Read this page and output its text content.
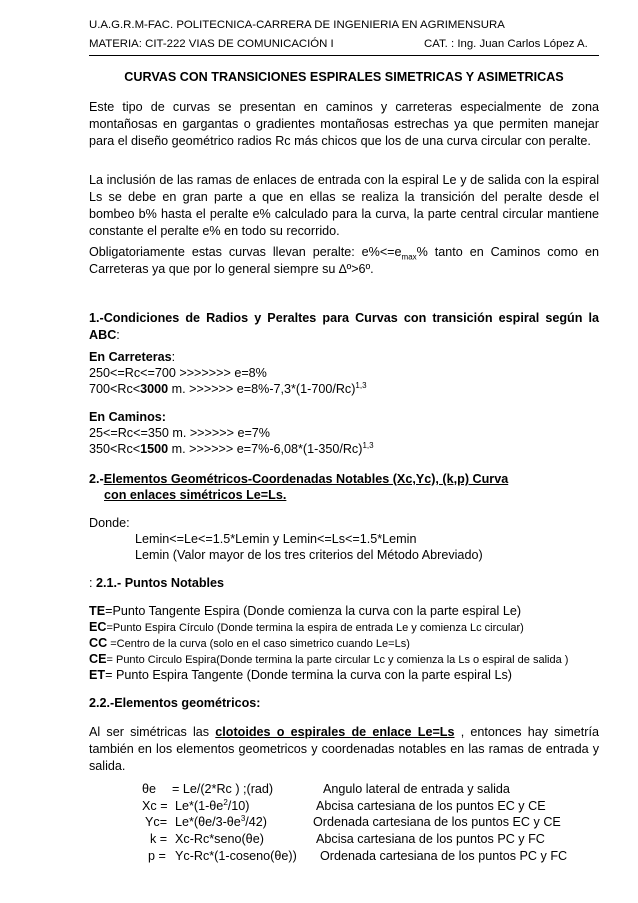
U.A.G.R.M-FAC. POLITECNICA-CARRERA DE INGENIERIA EN AGRIMENSURA
MATERIA: CIT-222 VIAS DE COMUNICACIÓN I	CAT. : Ing. Juan Carlos López A.
CURVAS CON TRANSICIONES ESPIRALES SIMETRICAS Y ASIMETRICAS
Este tipo de curvas se presentan en caminos y carreteras especialmente de zona montañosas en gargantas o gradientes montañosas estrechas ya que permiten manejar para el diseño geométrico radios Rc más chicos que los de una curva circular con peralte.
La inclusión de las ramas de enlaces de entrada con la espiral Le y de salida con la espiral Ls se debe en gran parte a que en ellas se realiza la transición del peralte desde el bombeo b% hasta el peralte e% calculado para la curva, la parte central circular mantiene constante el peralte e% en todo su recorrido.
Obligatoriamente estas curvas llevan peralte: $e\%<=e_{max}\%$ tanto en Caminos como en Carreteras ya que por lo general siempre su ∆º>6º.
1.-Condiciones de Radios y Peraltes para Curvas con transición espiral según la ABC:
En Carreteras:
250<=Rc<=700 >>>>>>> e=8%
700<Rc<3000 m. >>>>>> $e=8\%-7,3*(1-700/Rc)^{1,3}$
En Caminos:
25<=Rc<=350 m. >>>>>> e=7%
350<Rc<1500 m. >>>>>> $e=7\%-6,08*(1-350/Rc)^{1,3}$
2.-Elementos Geométricos-Coordenadas Notables (Xc,Yc), (k,p) Curva
con enlaces simétricos Le=Ls.
Donde:
Lemin<=Le<=1.5*Lemin y Lemin<=Ls<=1.5*Lemin
Lemin (Valor mayor de los tres criterios del Método Abreviado)
: 2.1.- Puntos Notables
TE=Punto Tangente Espira (Donde comienza la curva con la parte espiral Le)
EC=Punto Espira Círculo (Donde termina la espira de entrada Le y comienza Lc circular)
CC =Centro de la curva (solo en el caso simetrico cuando Le=Ls)
CE= Punto Circulo Espira(Donde termina la parte circular Lc y comienza la Ls o espiral de salida )
ET= Punto Espira Tangente (Donde termina la curva con la parte espiral Ls)
2.2.-Elementos geométricos:
Al ser simétricas las clotoides o espirales de enlace Le=Ls , entonces hay simetría también en los elementos geometricos y coordenadas notables en las ramas de entrada y salida.
θe = Le/(2*Rc ) ;(rad)	Angulo lateral de entrada y salida
$Xc = Le*(1-\theta e^2/10)$	Abcisa cartesiana de los puntos EC y CE
$Yc= Le*(\theta e/3-\theta e^3/42)$	Ordenada cartesiana de los puntos EC y CE
k = Xc-Rc*seno(θe)	Abcisa cartesiana de los puntos PC y FC
p = Yc-Rc*(1-coseno(θe)) Ordenada cartesiana de los puntos PC y FC
